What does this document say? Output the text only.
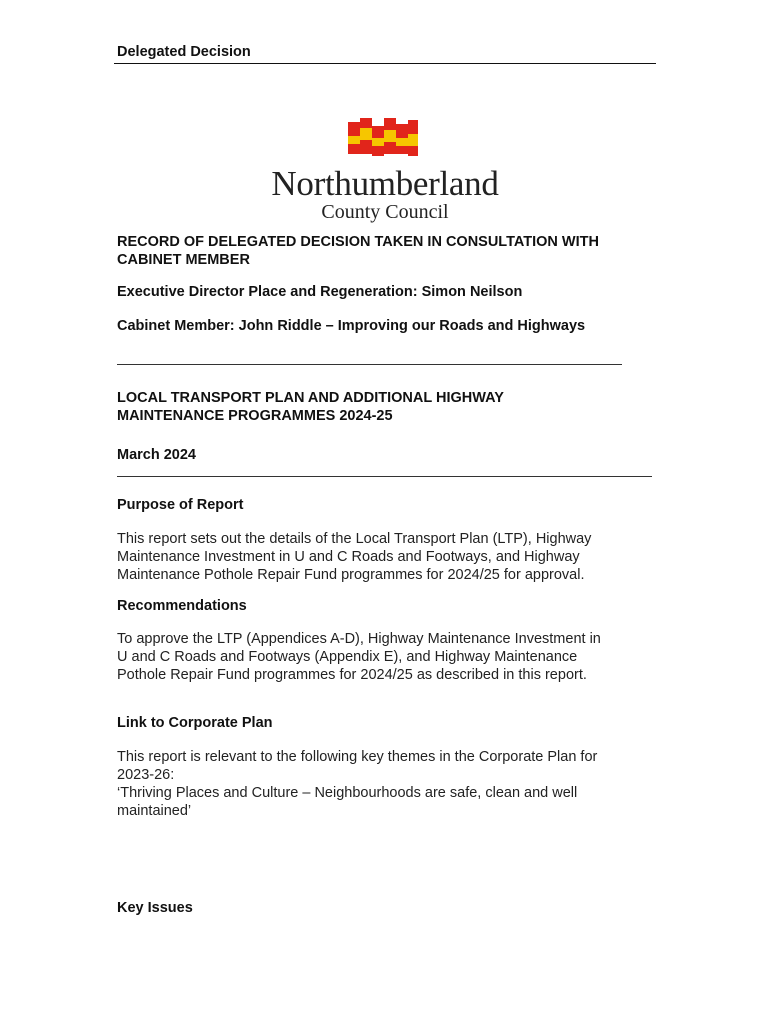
Delegated Decision
Northumberland
County Council
RECORD OF DELEGATED DECISION TAKEN IN CONSULTATION WITH
CABINET MEMBER
Executive Director Place and Regeneration: Simon Neilson
Cabinet Member: John Riddle – Improving our Roads and Highways
LOCAL TRANSPORT PLAN AND ADDITIONAL HIGHWAY
MAINTENANCE PROGRAMMES 2024-25
March 2024
Purpose of Report
This report sets out the details of the Local Transport Plan (LTP), Highway
Maintenance Investment in U and C Roads and Footways, and Highway
Maintenance Pothole Repair Fund programmes for 2024/25 for approval.
Recommendations
To approve the LTP (Appendices A-D), Highway Maintenance Investment in
U and C Roads and Footways (Appendix E), and Highway Maintenance
Pothole Repair Fund programmes for 2024/25 as described in this report.
Link to Corporate Plan
This report is relevant to the following key themes in the Corporate Plan for
2023-26:
‘Thriving Places and Culture – Neighbourhoods are safe, clean and well
maintained’
Key Issues
